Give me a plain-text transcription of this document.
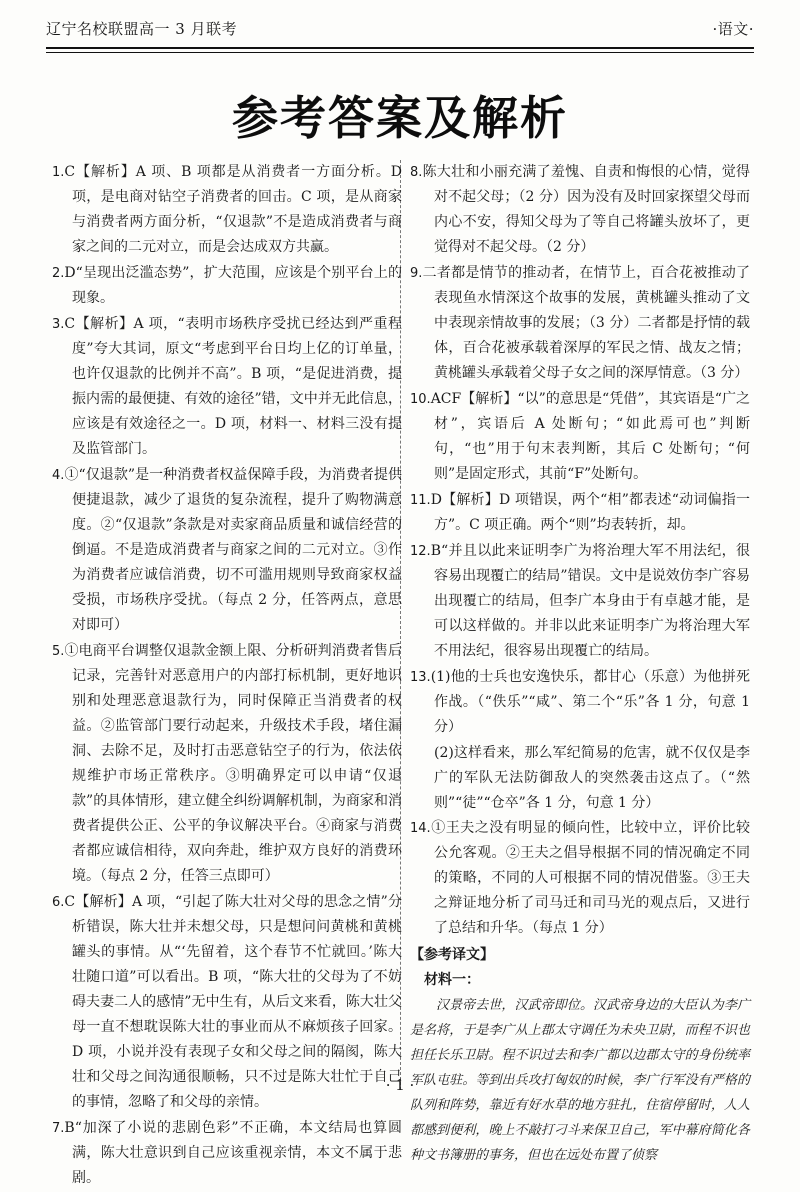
辽宁名校联盟高一 3 月联考	·语文·
参考答案及解析

1.C【解析】A 项、B 项都是从消费者一方面分析。D 项，是电商对钻空子消费者的回击。C 项，是从商家与消费者两方面分析，“仅退款”不是造成消费者与商家之间的二元对立，而是会达成双方共赢。

2.D“呈现出泛滥态势”，扩大范围，应该是个别平台上的现象。

3.C【解析】A 项，“表明市场秩序受扰已经达到严重程度”夸大其词，原文“考虑到平台日均上亿的订单量，也许仅退款的比例并不高”。B 项，“是促进消费，提振内需的最便捷、有效的途径”错，文中并无此信息，应该是有效途径之一。D 项，材料一、材料三没有提及监管部门。

4.①“仅退款”是一种消费者权益保障手段，为消费者提供便捷退款，减少了退货的复杂流程，提升了购物满意度。②“仅退款”条款是对卖家商品质量和诚信经营的倒逼。不是造成消费者与商家之间的二元对立。③作为消费者应诚信消费，切不可滥用规则导致商家权益受损，市场秩序受扰。（每点 2 分，任答两点，意思对即可）

5.①电商平台调整仅退款金额上限、分析研判消费者售后记录，完善针对恶意用户的内部打标机制，更好地识别和处理恶意退款行为，同时保障正当消费者的权益。②监管部门要行动起来，升级技术手段，堵住漏洞、去除不足，及时打击恶意钻空子的行为，依法依规维护市场正常秩序。③明确界定可以申请“仅退款”的具体情形，建立健全纠纷调解机制，为商家和消费者提供公正、公平的争议解决平台。④商家与消费者都应诚信相待，双向奔赴，维护双方良好的消费环境。（每点 2 分，任答三点即可）

6.C【解析】A 项，“引起了陈大壮对父母的思念之情”分析错误，陈大壮并未想父母，只是想问问黄桃和黄桃罐头的事情。从“‘先留着，这个春节不忙就回。’陈大壮随口道”可以看出。B 项，“陈大壮的父母为了不妨碍夫妻二人的感情”无中生有，从后文来看，陈大壮父母一直不想耽误陈大壮的事业而从不麻烦孩子回家。D 项，小说并没有表现子女和父母之间的隔阂，陈大壮和父母之间沟通很顺畅，只不过是陈大壮忙于自己的事情，忽略了和父母的亲情。

7.B“加深了小说的悲剧色彩”不正确，本文结局也算圆满，陈大壮意识到自己应该重视亲情，本文不属于悲剧。

8.陈大壮和小丽充满了羞愧、自责和悔恨的心情，觉得对不起父母；（2 分）因为没有及时回家探望父母而内心不安，得知父母为了等自己将罐头放坏了，更觉得对不起父母。（2 分）

9.二者都是情节的推动者，在情节上，百合花被推动了表现鱼水情深这个故事的发展，黄桃罐头推动了文中表现亲情故事的发展；（3 分）二者都是抒情的载体，百合花被承载着深厚的军民之情、战友之情；黄桃罐头承载着父母子女之间的深厚情意。（3 分）

10.ACF【解析】“以”的意思是“凭借”，其宾语是“广之材”，宾语后 A 处断句；“如此焉可也”判断句，“也”用于句末表判断，其后 C 处断句；“何则”是固定形式，其前“F”处断句。

11.D【解析】D 项错误，两个“相”都表述“动词偏指一方”。C 项正确。两个“则”均表转折，却。

12.B“并且以此来证明李广为将治理大军不用法纪，很容易出现覆亡的结局”错误。文中是说效仿李广容易出现覆亡的结局，但李广本身由于有卓越才能，是可以这样做的。并非以此来证明李广为将治理大军不用法纪，很容易出现覆亡的结局。

13.(1)他的士兵也安逸快乐，都甘心（乐意）为他拼死作战。（“佚乐”“咸”、第二个“乐”各 1 分，句意 1 分）

(2)这样看来，那么军纪简易的危害，就不仅仅是李广的军队无法防御敌人的突然袭击这点了。（“然则”“徒”“仓卒”各 1 分，句意 1 分）

14.①王夫之没有明显的倾向性，比较中立，评价比较公允客观。②王夫之倡导根据不同的情况确定不同的策略，不同的人可根据不同的情况借鉴。③王夫之辩证地分析了司马迁和司马光的观点后，又进行了总结和升华。（每点 1 分）

【参考译文】

材料一：

汉景帝去世，汉武帝即位。汉武帝身边的大臣认为李广是名将，于是李广从上郡太守调任为未央卫尉，而程不识也担任长乐卫尉。程不识过去和李广都以边郡太守的身份统率军队屯驻。等到出兵攻打匈奴的时候，李广行军没有严格的队列和阵势，靠近有好水草的地方驻扎，住宿停留时，人人都感到便利，晚上不敲打刁斗来保卫自己，军中幕府简化各种文书簿册的事务，但也在远处布置了侦察

· 1 ·
